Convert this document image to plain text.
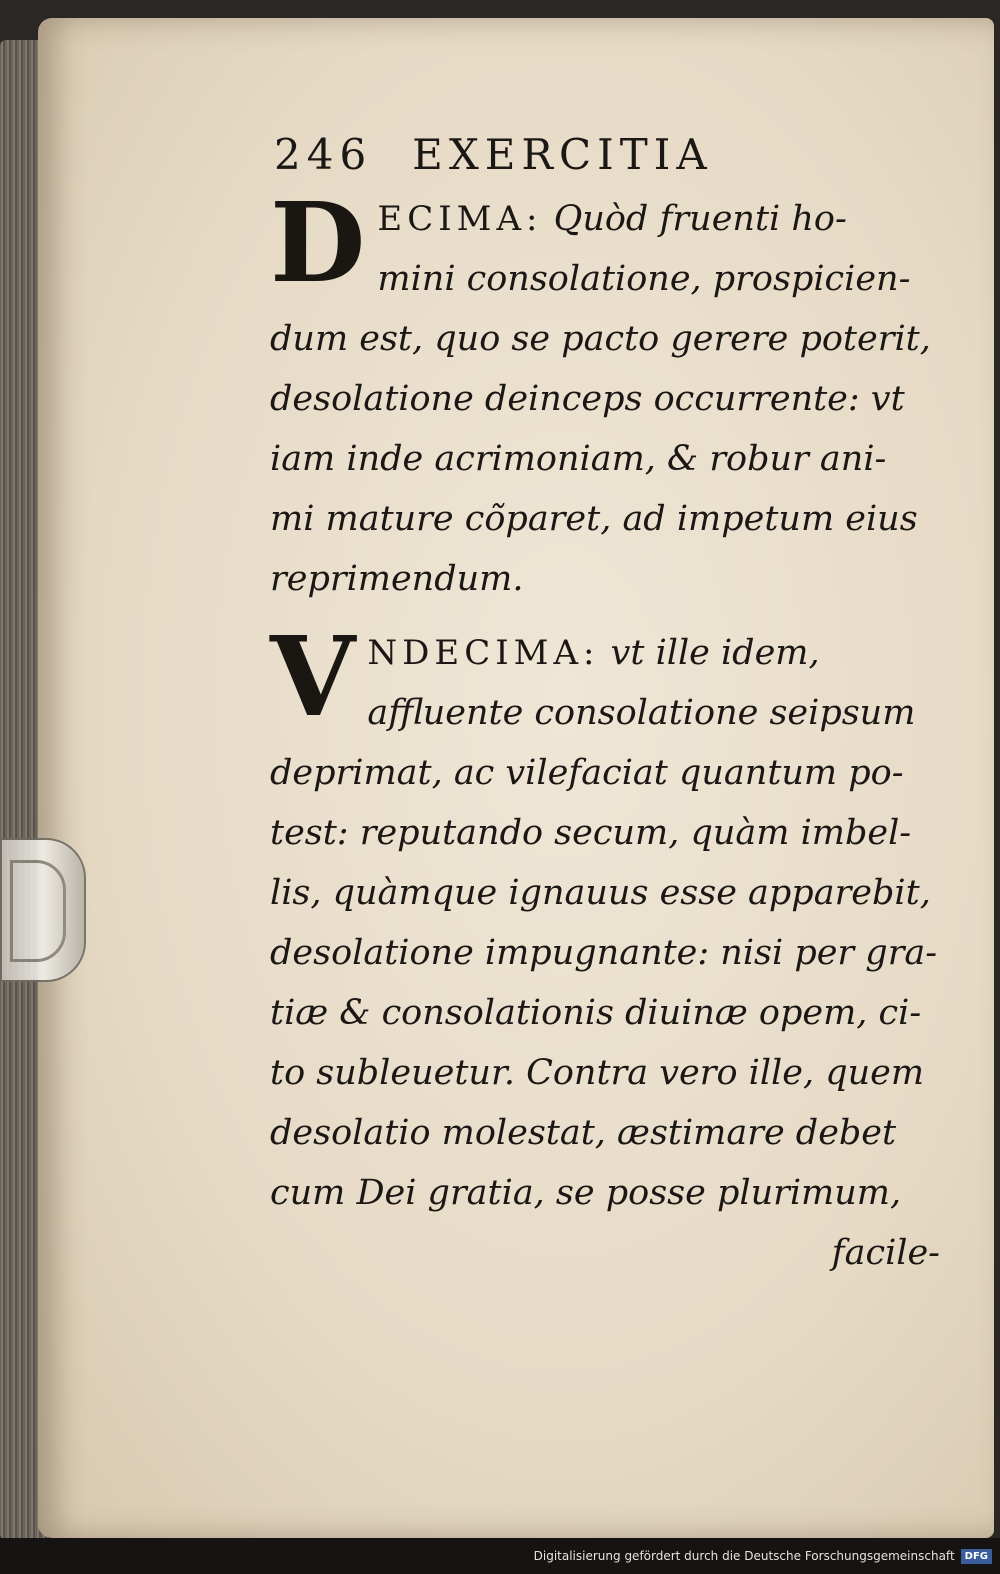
246 EXERCITIA

D ECIMA: Quòd fruenti ho-
mini consolatione, prospicien-
dum est, quo se pacto gerere poterit,
desolatione deinceps occurrente: vt
iam inde acrimoniam, & robur ani-
mi mature cõparet, ad impetum eius
reprimendum.

V NDECIMA: vt ille idem,
affluente consolatione seipsum
deprimat, ac vilefaciat quantum po-
test: reputando secum, quàm imbel-
lis, quàmque ignauus esse apparebit,
desolatione impugnante: nisi per gra-
tiæ & consolationis diuinæ opem, ci-
to subleuetur. Contra vero ille, quem
desolatio molestat, æstimare debet
cum Dei gratia, se posse plurimum,
facile-

Digitalisierung gefördert durch die Deutsche Forschungsgemeinschaft	DFG
